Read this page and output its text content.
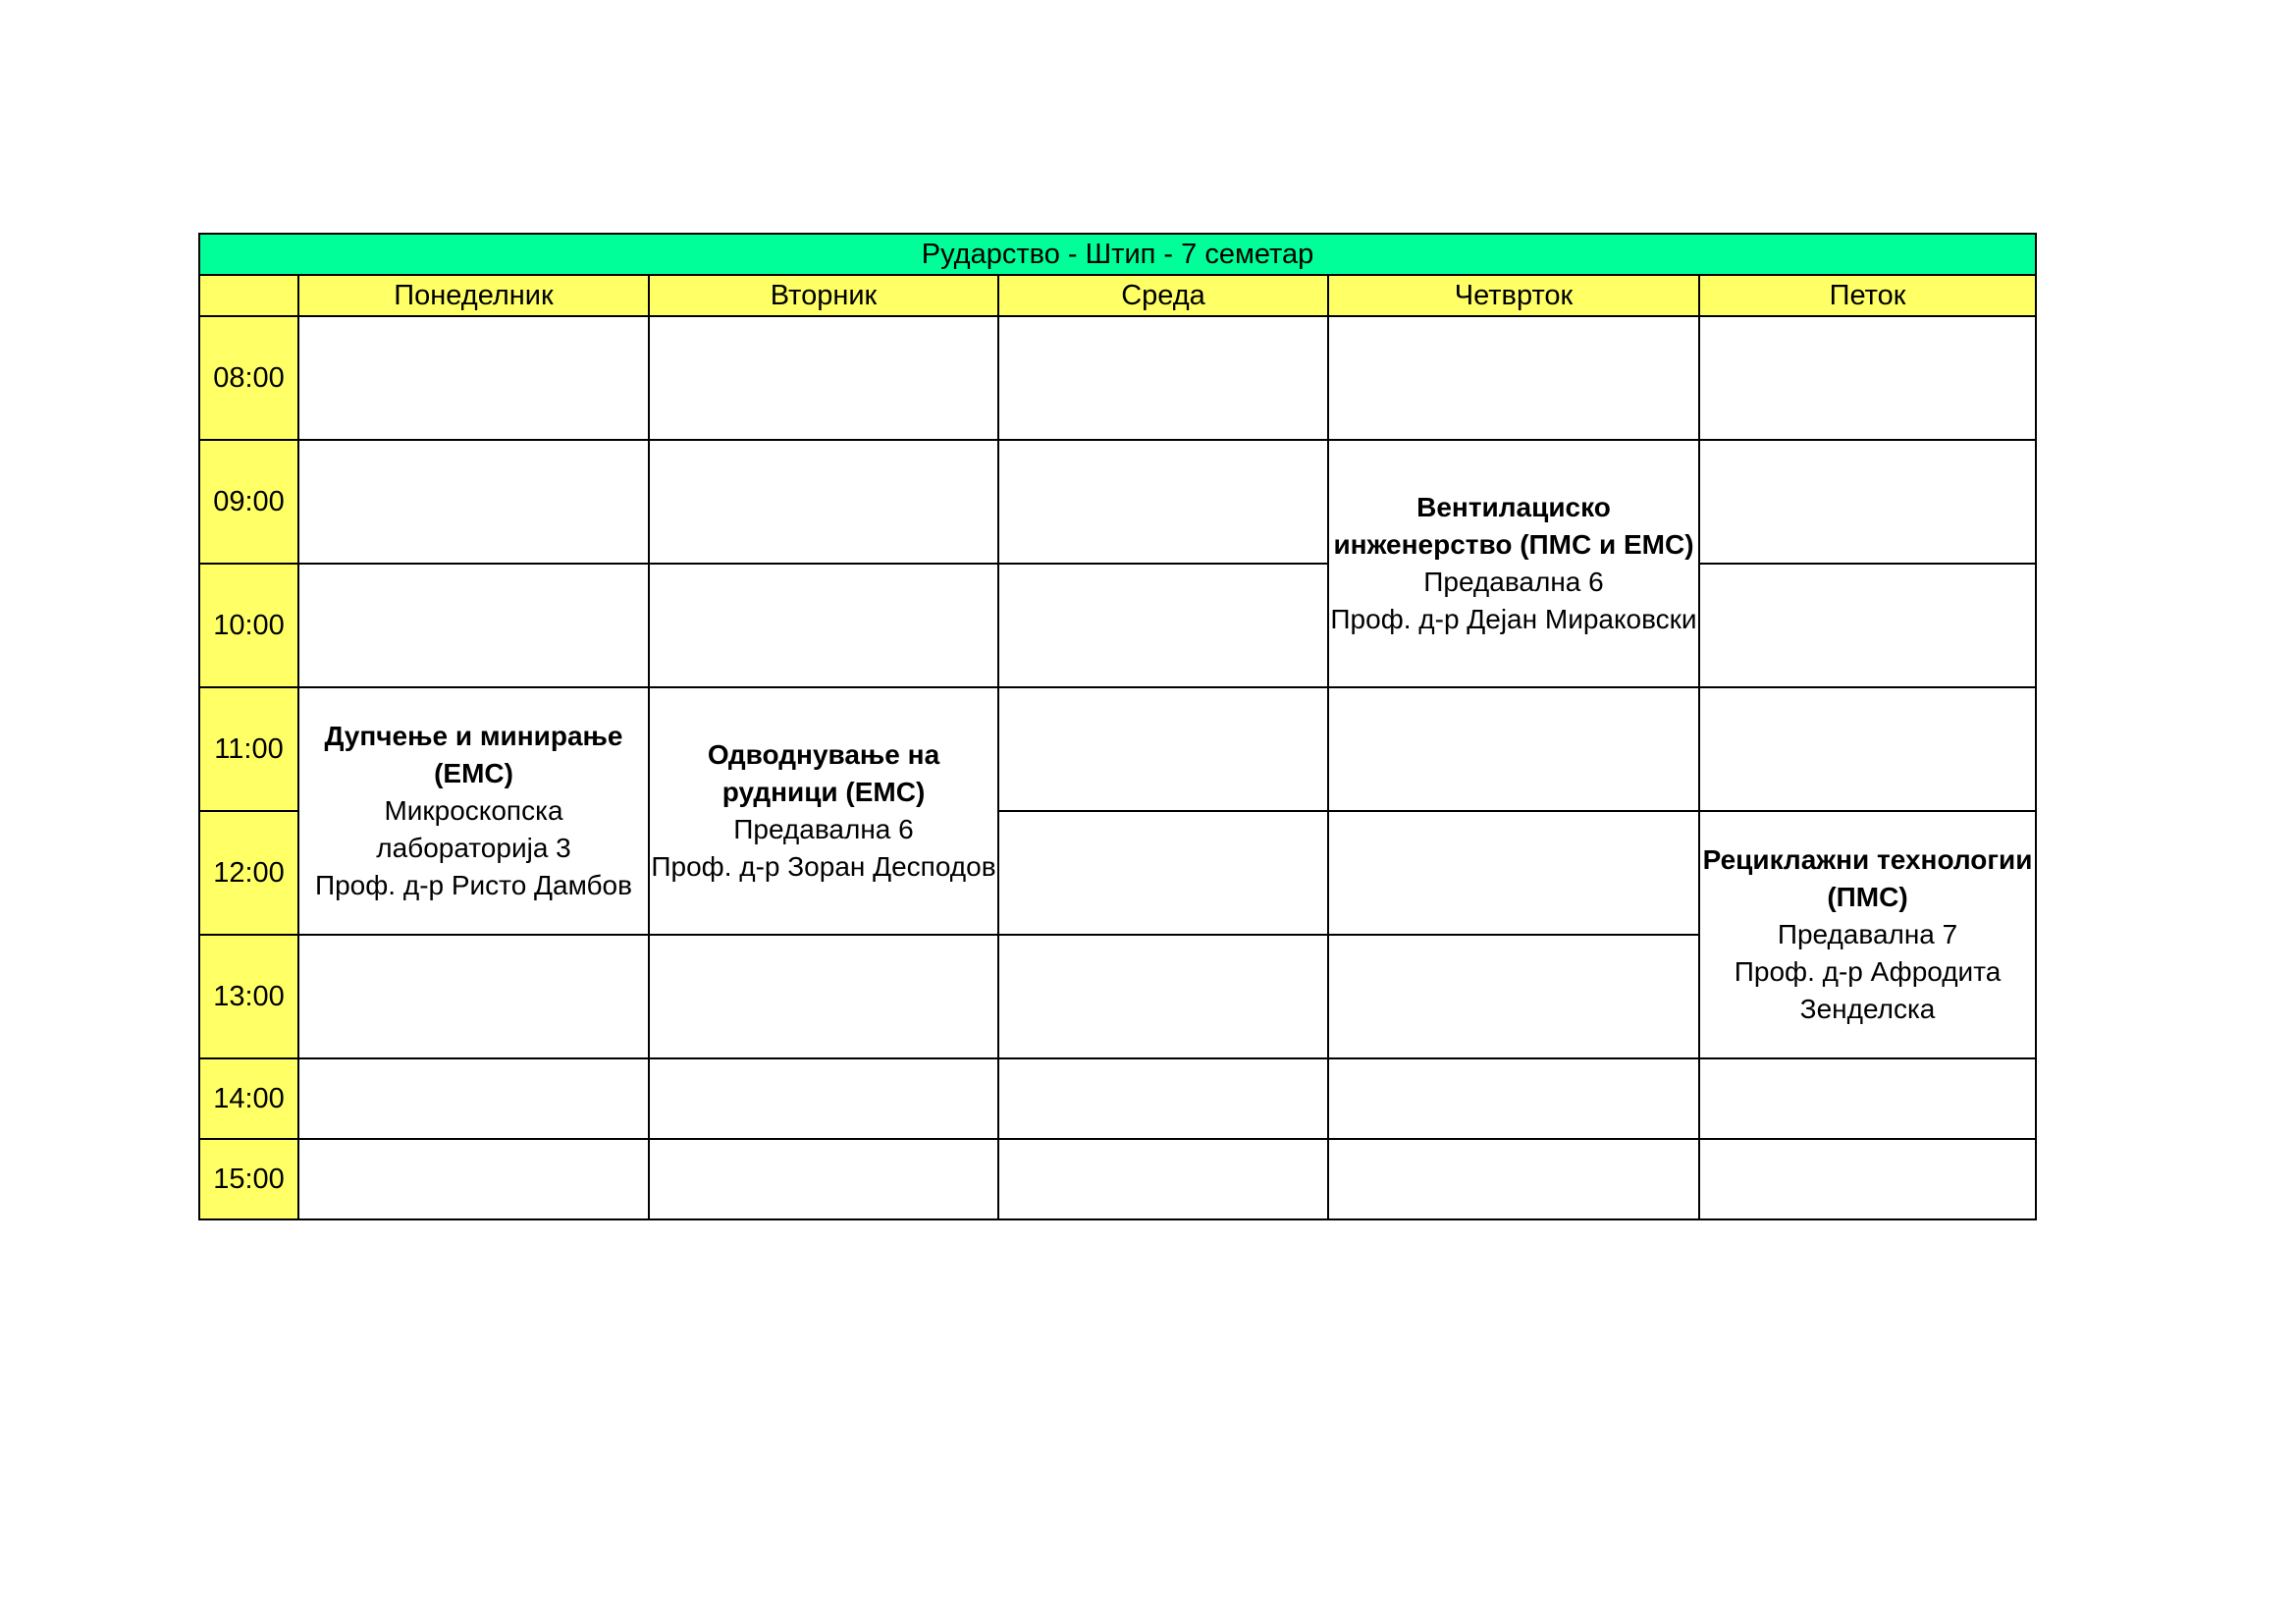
Рударство - Штип - 7 семетар					
	Понеделник	Вторник	Среда	Четврток	Петок
08:00					
09:00				Вентилациско инженерство (ПМС и ЕМС)
Предавална 6
Проф. д-р Дејан Мираковски	

10:00					
11:00	Дупчење и минирање (ЕМС)
Микроскопска лабораторија 3
Проф. д-р Ристо Дамбов	Одводнување на рудници (ЕМС)
Предавална 6
Проф. д-р Зоран Десподов			

12:00					Рециклажни технологии (ПМС)
Предавална 7
Проф. д-р Афродита Зенделска

13:00					
14:00					
15:00					
